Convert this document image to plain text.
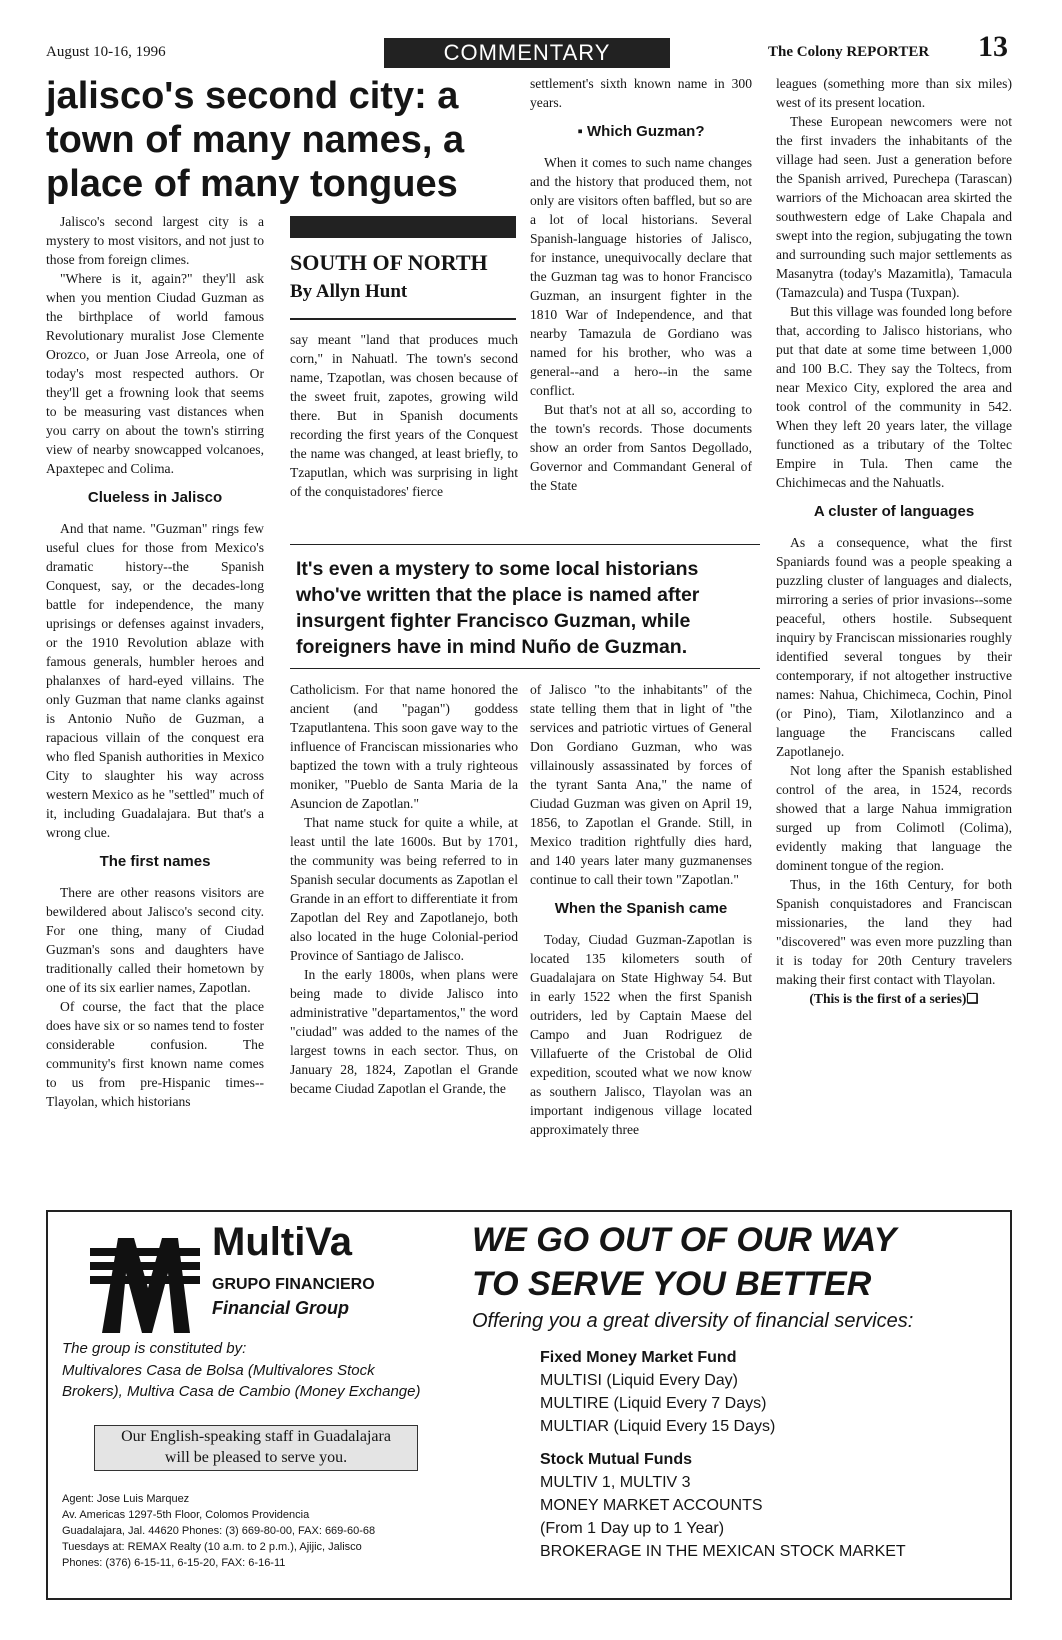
August 10-16, 1996	COMMENTARY	The Colony REPORTER 13
jalisco's second city: a town of many names, a place of many tongues

Jalisco's second largest city is a mystery to most visitors, and not just to those from foreign climes.

"Where is it, again?" they'll ask when you mention Ciudad Guzman as the birthplace of world famous Revolutionary muralist Jose Clemente Orozco, or Juan Jose Arreola, one of today's most respected authors. Or they'll get a frowning look that seems to be measuring vast distances when you carry on about the town's stirring view of nearby snowcapped volcanoes, Apaxtepec and Colima.

Clueless in Jalisco

And that name. "Guzman" rings few useful clues for those from Mexico's dramatic history--the Spanish Conquest, say, or the decades-long battle for independence, the many uprisings or defenses against invaders, or the 1910 Revolution ablaze with famous generals, humbler heroes and phalanxes of hard-eyed villains. The only Guzman that name clanks against is Antonio Nuño de Guzman, a rapacious villain of the conquest era who fled Spanish authorities in Mexico City to slaughter his way across western Mexico as he "settled" much of it, including Guadalajara. But that's a wrong clue.

The first names

There are other reasons visitors are bewildered about Jalisco's second city. For one thing, many of Ciudad Guzman's sons and daughters have traditionally called their hometown by one of its six earlier names, Zapotlan.

Of course, the fact that the place does have six or so names tend to foster considerable confusion. The community's first known name comes to us from pre-Hispanic times--Tlayolan, which historians

SOUTH OF NORTH
By Allyn Hunt

say meant "land that produces much corn," in Nahuatl. The town's second name, Tzapotlan, was chosen because of the sweet fruit, zapotes, growing wild there. But in Spanish documents recording the first years of the Conquest the name was changed, at least briefly, to Tzaputlan, which was surprising in light of the conquistadores' fierce

settlement's sixth known name in 300 years.

▪ Which Guzman?

When it comes to such name changes and the history that produced them, not only are visitors often baffled, but so are a lot of local historians. Several Spanish-language histories of Jalisco, for instance, unequivocally declare that the Guzman tag was to honor Francisco Guzman, an insurgent fighter in the 1810 War of Independence, and that nearby Tamazula de Gordiano was named for his brother, who was a general--and a hero--in the same conflict.

But that's not at all so, according to the town's records. Those documents show an order from Santos Degollado, Governor and Commandant General of the State

It's even a mystery to some local historians who've written that the place is named after insurgent fighter Francisco Guzman, while foreigners have in mind Nuño de Guzman.

Catholicism. For that name honored the ancient (and "pagan") goddess Tzaputlantena. This soon gave way to the influence of Franciscan missionaries who baptized the town with a truly righteous moniker, "Pueblo de Santa Maria de la Asuncion de Zapotlan."

That name stuck for quite a while, at least until the late 1600s. But by 1701, the community was being referred to in Spanish secular documents as Zapotlan el Grande in an effort to differentiate it from Zapotlan del Rey and Zapotlanejo, both also located in the huge Colonial-period Province of Santiago de Jalisco.

In the early 1800s, when plans were being made to divide Jalisco into administrative "departamentos," the word "ciudad" was added to the names of the largest towns in each sector. Thus, on January 28, 1824, Zapotlan el Grande became Ciudad Zapotlan el Grande, the

of Jalisco "to the inhabitants" of the state telling them that in light of "the services and patriotic virtues of General Don Gordiano Guzman, who was villainously assassinated by forces of the tyrant Santa Ana," the name of Ciudad Guzman was given on April 19, 1856, to Zapotlan el Grande. Still, in Mexico tradition rightfully dies hard, and 140 years later many guzmanenses continue to call their town "Zapotlan."

When the Spanish came

Today, Ciudad Guzman-Zapotlan is located 135 kilometers south of Guadalajara on State Highway 54. But in early 1522 when the first Spanish outriders, led by Captain Maese del Campo and Juan Rodriguez de Villafuerte of the Cristobal de Olid expedition, scouted what we now know as southern Jalisco, Tlayolan was an important indigenous village located approximately three

leagues (something more than six miles) west of its present location.

These European newcomers were not the first invaders the inhabitants of the village had seen. Just a generation before the Spanish arrived, Purechepa (Tarascan) warriors of the Michoacan area skirted the southwestern edge of Lake Chapala and swept into the region, subjugating the town and surrounding such major settlements as Masanytra (today's Mazamitla), Tamacula (Tamazcula) and Tuspa (Tuxpan).

But this village was founded long before that, according to Jalisco historians, who put that date at some time between 1,000 and 100 B.C. They say the Toltecs, from near Mexico City, explored the area and took control of the community in 542. When they left 20 years later, the village functioned as a tributary of the Toltec Empire in Tula. Then came the Chichimecas and the Nahuatls.

A cluster of languages

As a consequence, what the first Spaniards found was a people speaking a puzzling cluster of languages and dialects, mirroring a series of prior invasions--some peaceful, others hostile. Subsequent inquiry by Franciscan missionaries roughly identified several tongues by their contemporary, if not altogether instructive names: Nahua, Chichimeca, Cochin, Pinol (or Pino), Tiam, Xilotlanzinco and a language the Franciscans called Zapotlanejo.

Not long after the Spanish established control of the area, in 1524, records showed that a large Nahua immigration surged up from Colimotl (Colima), evidently making that language the dominent tongue of the region.

Thus, in the 16th Century, for both Spanish conquistadores and Franciscan missionaries, the land they had "discovered" was even more puzzling than it is today for 20th Century travelers making their first contact with Tlayolan.

(This is the first of a series)❑
MultiVa
GRUPO FINANCIERO
Financial Group
The group is constituted by:
Multivalores Casa de Bolsa (Multivalores Stock Brokers), Multiva Casa de Cambio (Money Exchange)
Our English-speaking staff in Guadalajara
will be pleased to serve you.
Agent: Jose Luis Marquez
Av. Americas 1297-5th Floor, Colomos Providencia
Guadalajara, Jal. 44620 Phones: (3) 669-80-00, FAX: 669-60-68
Tuesdays at: REMAX Realty (10 a.m. to 2 p.m.), Ajijic, Jalisco
Phones: (376) 6-15-11, 6-15-20, FAX: 6-16-11
WE GO OUT OF OUR WAY
TO SERVE YOU BETTER
Offering you a great diversity of financial services:
Fixed Money Market Fund
MULTISI (Liquid Every Day)
MULTIRE (Liquid Every 7 Days)
MULTIAR (Liquid Every 15 Days)
Stock Mutual Funds
MULTIV 1, MULTIV 3
MONEY MARKET ACCOUNTS
(From 1 Day up to 1 Year)
BROKERAGE IN THE MEXICAN STOCK MARKET
